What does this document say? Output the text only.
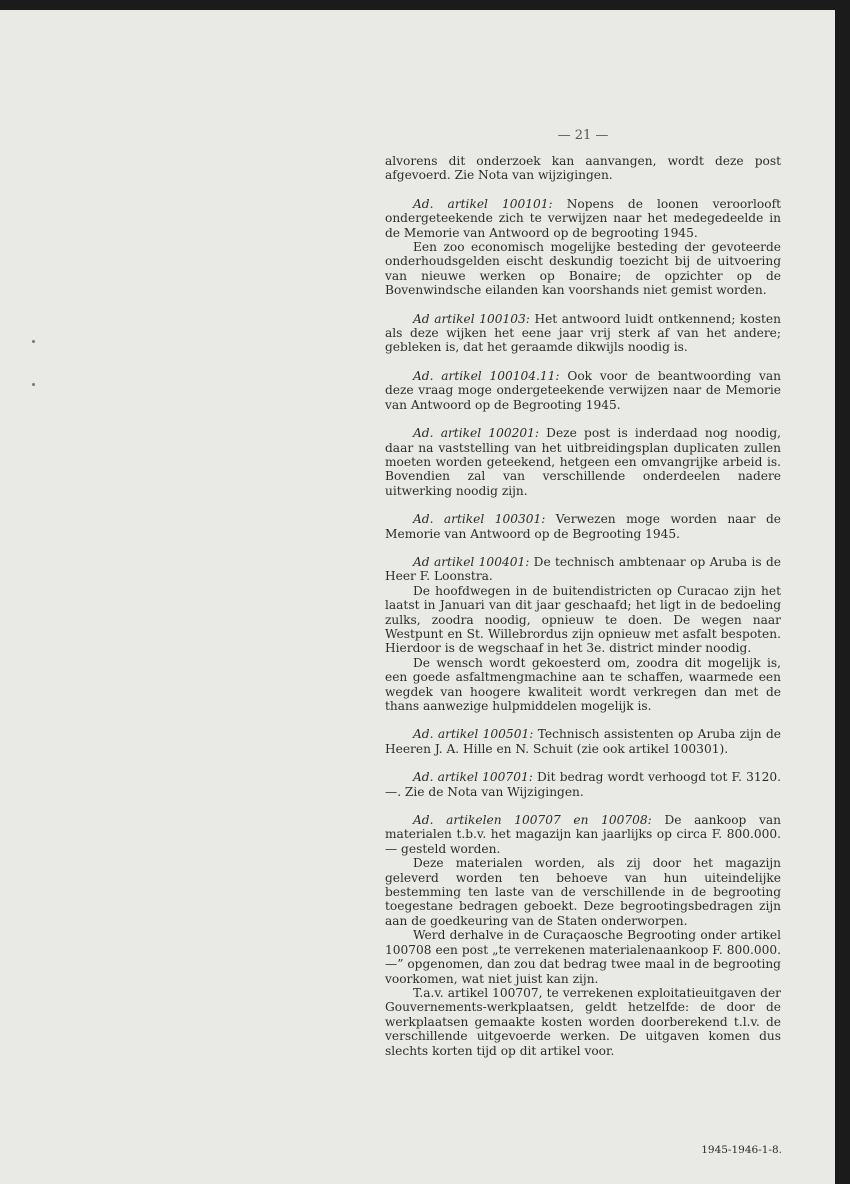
— 21 —

alvorens dit onderzoek kan aanvangen, wordt deze post afgevoerd. Zie Nota van wijzigingen.

Ad. artikel 100101: Nopens de loonen veroorlooft ondergeteekende zich te verwijzen naar het medegedeelde in de Memorie van Antwoord op de begrooting 1945.

Een zoo economisch mogelijke besteding der gevoteerde onderhoudsgelden eischt deskundig toezicht bij de uitvoering van nieuwe werken op Bonaire; de opzichter op de Bovenwindsche eilanden kan voorshands niet gemist worden.

Ad artikel 100103: Het antwoord luidt ontkennend; kosten als deze wijken het eene jaar vrij sterk af van het andere; gebleken is, dat het geraamde dikwijls noodig is.

Ad. artikel 100104.11: Ook voor de beantwoording van deze vraag moge ondergeteekende verwijzen naar de Memorie van Antwoord op de Begrooting 1945.

Ad. artikel 100201: Deze post is inderdaad nog noodig, daar na vaststelling van het uitbreidingsplan duplicaten zullen moeten worden geteekend, hetgeen een omvangrijke arbeid is. Bovendien zal van verschillende onderdeelen nadere uitwerking noodig zijn.

Ad. artikel 100301: Verwezen moge worden naar de Memorie van Antwoord op de Begrooting 1945.

Ad artikel 100401: De technisch ambtenaar op Aruba is de Heer F. Loonstra.

De hoofdwegen in de buitendistricten op Curacao zijn het laatst in Januari van dit jaar geschaafd; het ligt in de bedoeling zulks, zoodra noodig, opnieuw te doen. De wegen naar Westpunt en St. Willebrordus zijn opnieuw met asfalt bespoten. Hierdoor is de wegschaaf in het 3e. district minder noodig.

De wensch wordt gekoesterd om, zoodra dit mogelijk is, een goede asfaltmengmachine aan te schaffen, waarmede een wegdek van hoogere kwaliteit wordt verkregen dan met de thans aanwezige hulpmiddelen mogelijk is.

Ad. artikel 100501: Technisch assistenten op Aruba zijn de Heeren J. A. Hille en N. Schuit (zie ook artikel 100301).

Ad. artikel 100701: Dit bedrag wordt verhoogd tot F. 3120.—. Zie de Nota van Wijzigingen.

Ad. artikelen 100707 en 100708: De aankoop van materialen t.b.v. het magazijn kan jaarlijks op circa F. 800.000.— gesteld worden.

Deze materialen worden, als zij door het magazijn geleverd worden ten behoeve van hun uiteindelijke bestemming ten laste van de verschillende in de begrooting toegestane bedragen geboekt. Deze begrootingsbedragen zijn aan de goedkeuring van de Staten onderworpen.

Werd derhalve in de Curaçaosche Begrooting onder artikel 100708 een post „te verrekenen materialenaankoop F. 800.000.—” opgenomen, dan zou dat bedrag twee maal in de begrooting voorkomen, wat niet juist kan zijn.

T.a.v. artikel 100707, te verrekenen exploitatieuitgaven der Gouvernements-werkplaatsen, geldt hetzelfde: de door de werkplaatsen gemaakte kosten worden doorberekend t.l.v. de verschillende uitgevoerde werken. De uitgaven komen dus slechts korten tijd op dit artikel voor.

1945-1946-1-8.
